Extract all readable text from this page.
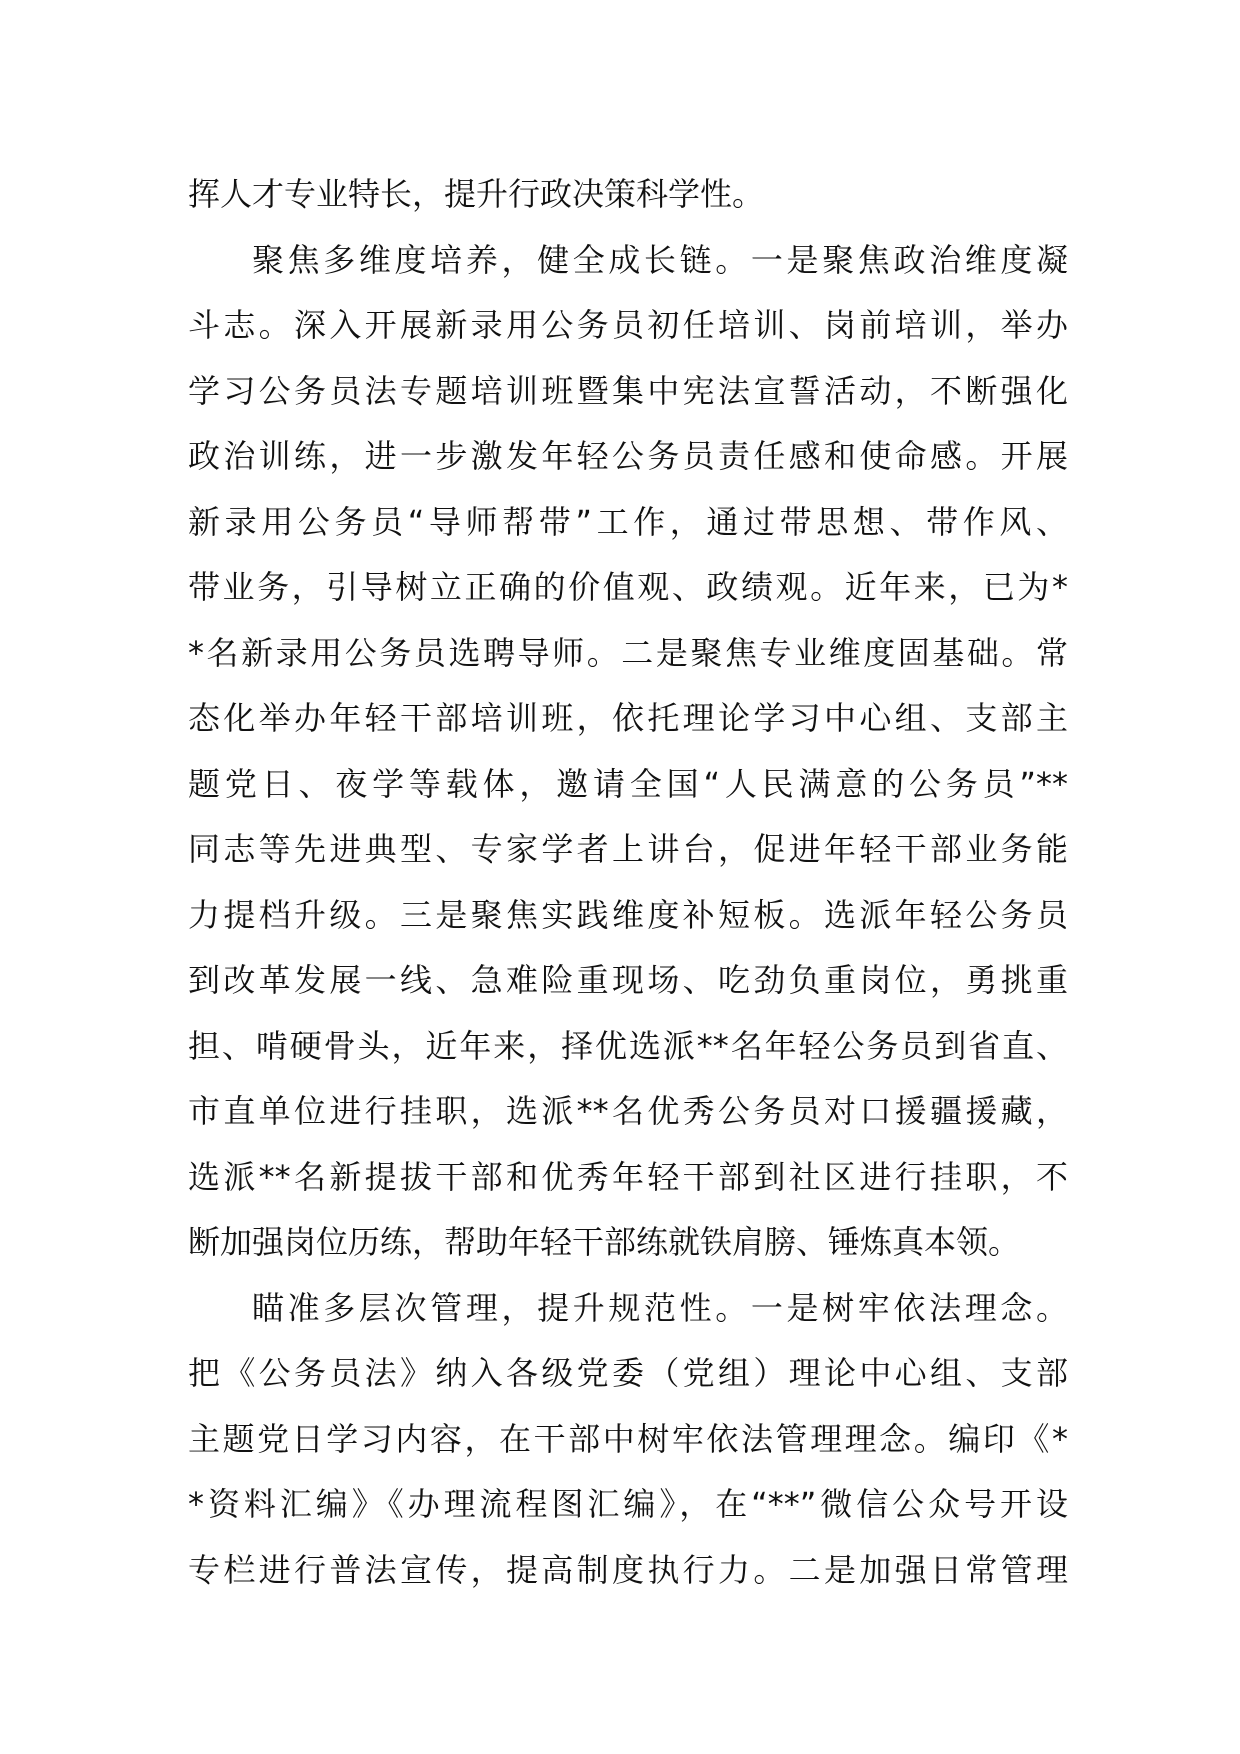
挥人才专业特长，提升行政决策科学性。
聚焦多维度培养，健全成长链。一是聚焦政治维度凝
斗志。深入开展新录用公务员初任培训、岗前培训，举办
学习公务员法专题培训班暨集中宪法宣誓活动，不断强化
政治训练，进一步激发年轻公务员责任感和使命感。开展
新录用公务员“导师帮带”工作，通过带思想、带作风、
带业务，引导树立正确的价值观、政绩观。近年来，已为*
*名新录用公务员选聘导师。二是聚焦专业维度固基础。常
态化举办年轻干部培训班，依托理论学习中心组、支部主
题党日、夜学等载体，邀请全国“人民满意的公务员”**
同志等先进典型、专家学者上讲台，促进年轻干部业务能
力提档升级。三是聚焦实践维度补短板。选派年轻公务员
到改革发展一线、急难险重现场、吃劲负重岗位，勇挑重
担、啃硬骨头，近年来，择优选派**名年轻公务员到省直、
市直单位进行挂职，选派**名优秀公务员对口援疆援藏，
选派**名新提拔干部和优秀年轻干部到社区进行挂职，不
断加强岗位历练，帮助年轻干部练就铁肩膀、锤炼真本领。
瞄准多层次管理，提升规范性。一是树牢依法理念。
把《公务员法》纳入各级党委（党组）理论中心组、支部
主题党日学习内容，在干部中树牢依法管理理念。编印《*
*资料汇编》《办理流程图汇编》，在“**”微信公众号开设
专栏进行普法宣传，提高制度执行力。二是加强日常管理
